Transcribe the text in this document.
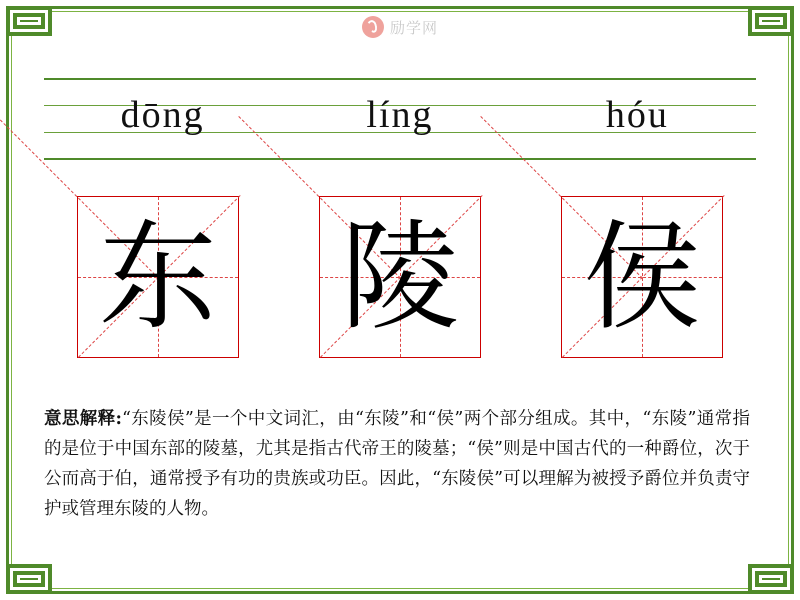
励学网
dōng	líng	hóu
东 陵 侯
意思解释:“东陵侯”是一个中文词汇，由“东陵”和“侯”两个部分组成。其中，“东陵”通常指的是位于中国东部的陵墓，尤其是指古代帝王的陵墓；“侯”则是中国古代的一种爵位，次于公而高于伯，通常授予有功的贵族或功臣。因此，“东陵侯”可以理解为被授予爵位并负责守护或管理东陵的人物。
